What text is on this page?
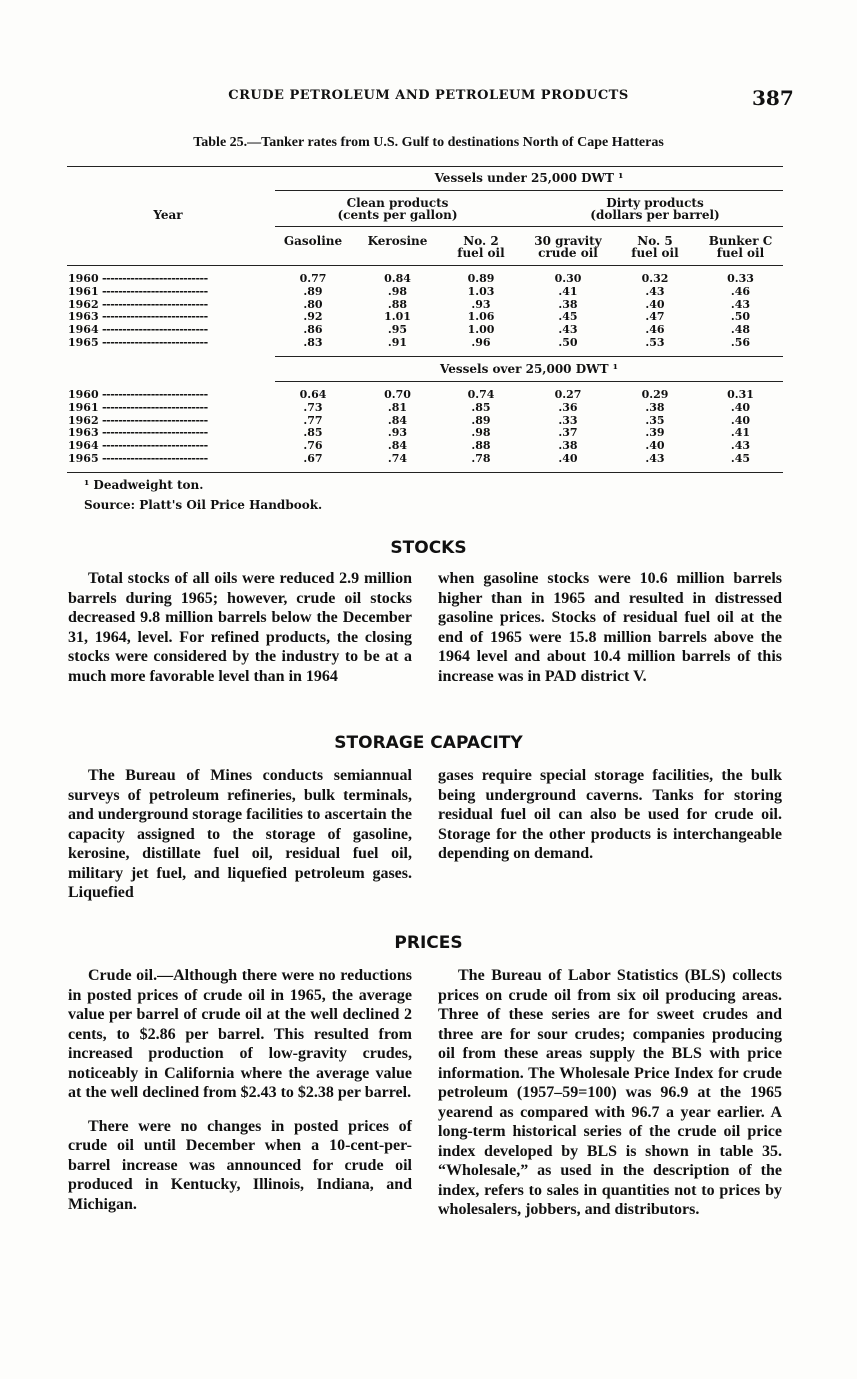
CRUDE PETROLEUM AND PETROLEUM PRODUCTS	387
Table 25.—Tanker rates from U.S. Gulf to destinations North of Cape Hatteras
Vessels under 25,000 DWT ¹
Year
Clean products
(cents per gallon)
Dirty products
(dollars per barrel)
Gasoline	Kerosine	No. 2
fuel oil
30 gravity
crude oil
No. 5
fuel oil
Bunker C
fuel oil
1960 --------------------------	0.77	0.84	0.89	0.30	0.32	0.33
1961 --------------------------	.89	.98	1.03	.41	.43	.46
1962 --------------------------	.80	.88	.93	.38	.40	.43
1963 --------------------------	.92	1.01	1.06	.45	.47	.50
1964 --------------------------	.86	.95	1.00	.43	.46	.48
1965 --------------------------	.83	.91	.96	.50	.53	.56
Vessels over 25,000 DWT ¹
1960 --------------------------	0.64	0.70	0.74	0.27	0.29	0.31
1961 --------------------------	.73	.81	.85	.36	.38	.40
1962 --------------------------	.77	.84	.89	.33	.35	.40
1963 --------------------------	.85	.93	.98	.37	.39	.41
1964 --------------------------	.76	.84	.88	.38	.40	.43
1965 --------------------------	.67	.74	.78	.40	.43	.45
¹ Deadweight ton.
Source: Platt's Oil Price Handbook.
STOCKS

Total stocks of all oils were reduced 2.9 million barrels during 1965; however, crude oil stocks decreased 9.8 million barrels below the December 31, 1964, level. For refined products, the closing stocks were considered by the industry to be at a much more favorable level than in 1964

when gasoline stocks were 10.6 million barrels higher than in 1965 and resulted in distressed gasoline prices. Stocks of residual fuel oil at the end of 1965 were 15.8 million barrels above the 1964 level and about 10.4 million barrels of this increase was in PAD district V.

STORAGE CAPACITY

The Bureau of Mines conducts semiannual surveys of petroleum refineries, bulk terminals, and underground storage facilities to ascertain the capacity assigned to the storage of gasoline, kerosine, distillate fuel oil, residual fuel oil, military jet fuel, and liquefied petroleum gases. Liquefied

gases require special storage facilities, the bulk being underground caverns. Tanks for storing residual fuel oil can also be used for crude oil. Storage for the other products is interchangeable depending on demand.

PRICES

Crude oil.—Although there were no reductions in posted prices of crude oil in 1965, the average value per barrel of crude oil at the well declined 2 cents, to $2.86 per barrel. This resulted from increased production of low-gravity crudes, noticeably in California where the average value at the well declined from $2.43 to $2.38 per barrel.

There were no changes in posted prices of crude oil until December when a 10-cent-per-barrel increase was announced for crude oil produced in Kentucky, Illinois, Indiana, and Michigan.

The Bureau of Labor Statistics (BLS) collects prices on crude oil from six oil producing areas. Three of these series are for sweet crudes and three are for sour crudes; companies producing oil from these areas supply the BLS with price information. The Wholesale Price Index for crude petroleum (1957–59=100) was 96.9 at the 1965 yearend as compared with 96.7 a year earlier. A long-term historical series of the crude oil price index developed by BLS is shown in table 35. “Wholesale,” as used in the description of the index, refers to sales in quantities not to prices by wholesalers, jobbers, and distributors.
